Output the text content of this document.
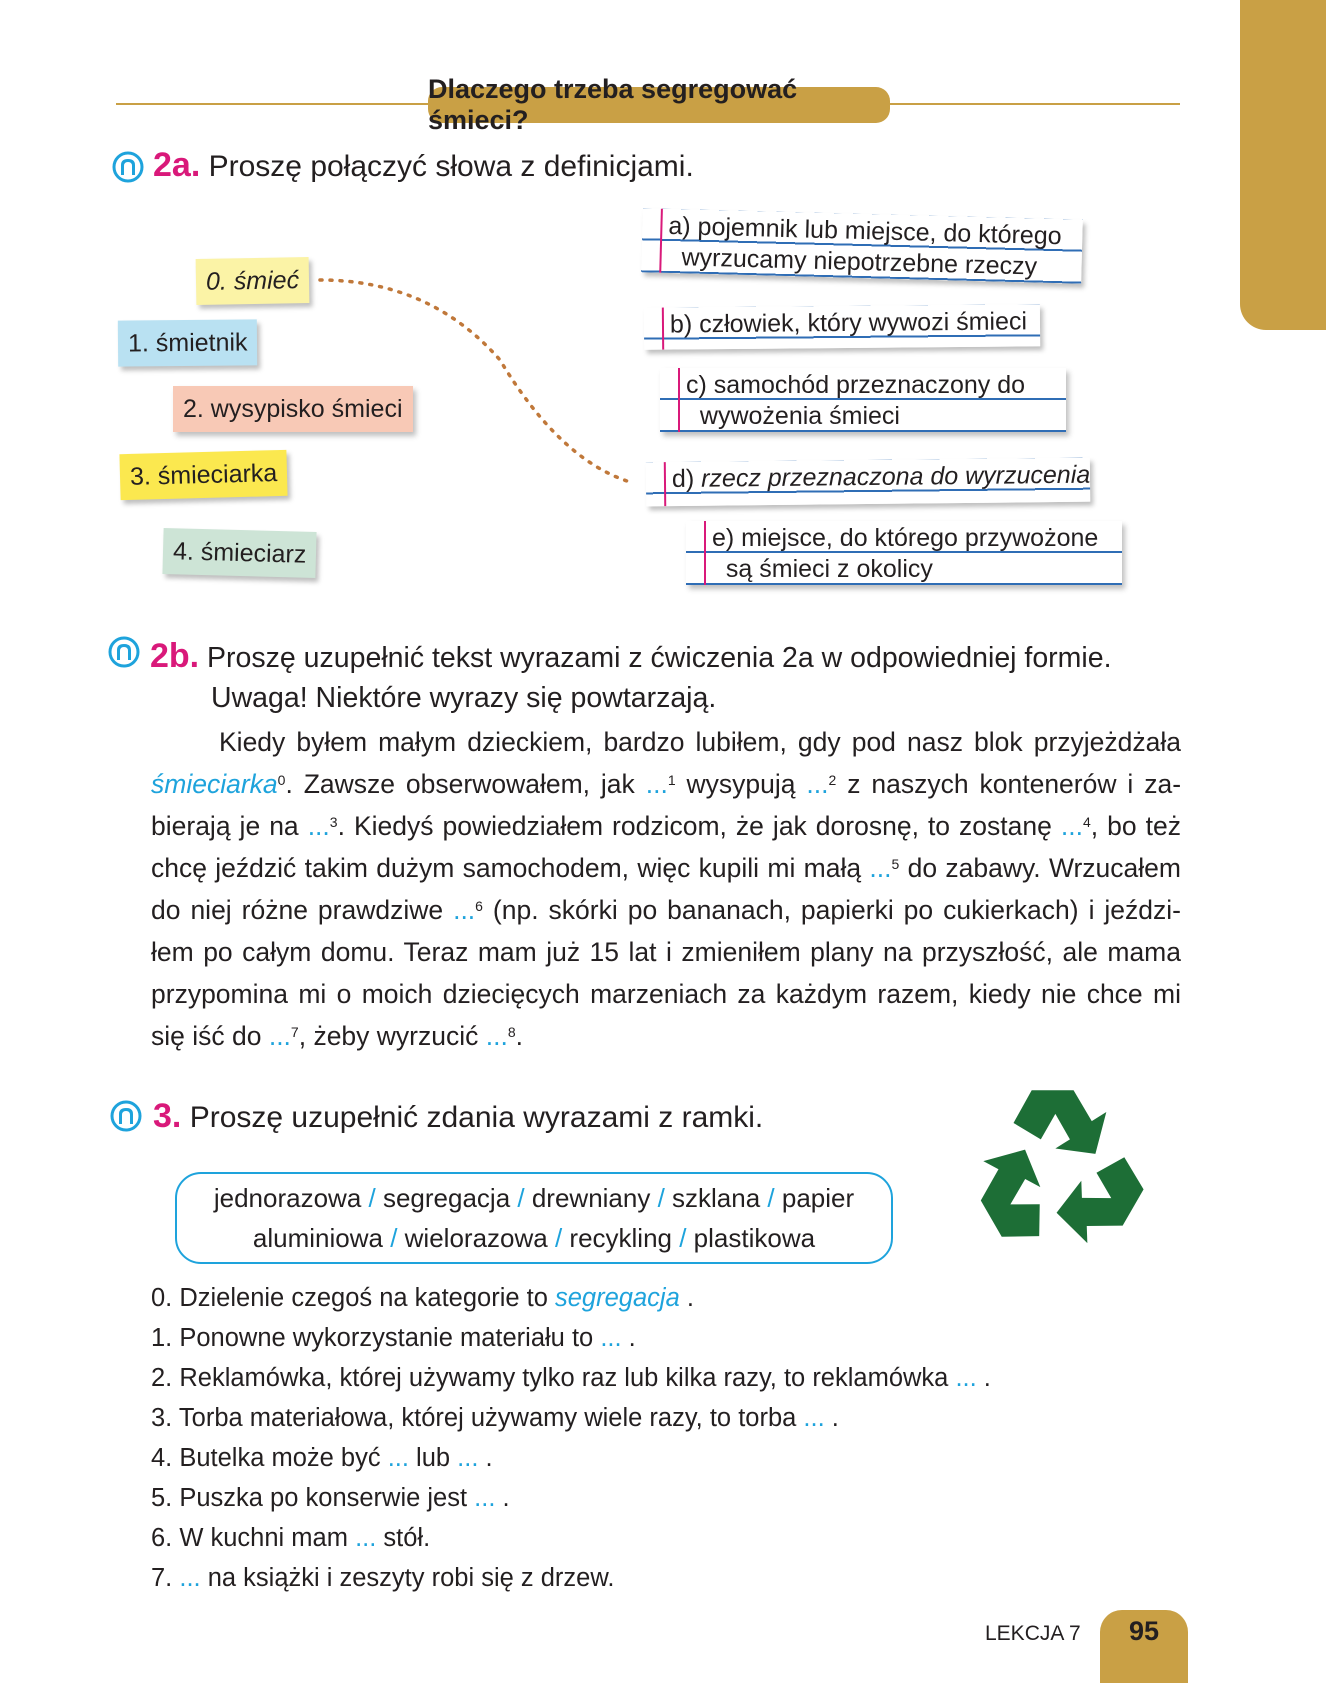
Dlaczego trzeba segregować śmieci?
2a. Proszę połączyć słowa z definicjami.
0. śmieć
1. śmietnik
2. wysypisko śmieci
3. śmieciarka
4. śmieciarz
a) pojemnik lub miejsce, do którego
wyrzucamy niepotrzebne rzeczy
b) człowiek, który wywozi śmieci
c) samochód przeznaczony do
wywożenia śmieci
d) rzecz przeznaczona do wyrzucenia
e) miejsce, do którego przywożone
są śmieci z okolicy
2b. Proszę uzupełnić tekst wyrazami z ćwiczenia 2a w odpowiedniej formie.
Uwaga! Niektóre wyrazy się powtarzają.
Kiedy byłem małym dzieckiem, bardzo lubiłem, gdy pod nasz blok przyjeżdżała
śmieciarka$^0$. Zawsze obserwowałem, jak ...$^1$ wysypują ...$^2$ z naszych kontenerów i za-
bierają je na ...$^3$. Kiedyś powiedziałem rodzicom, że jak dorosnę, to zostanę ...$^4$, bo też
chcę jeździć takim dużym samochodem, więc kupili mi małą ...$^5$ do zabawy. Wrzucałem
do niej różne prawdziwe ...$^6$ (np. skórki po bananach, papierki po cukierkach) i jeździ-
łem po całym domu. Teraz mam już 15 lat i zmieniłem plany na przyszłość, ale mama
przypomina mi o moich dziecięcych marzeniach za każdym razem, kiedy nie chce mi
się iść do ...$^7$, żeby wyrzucić ...$^8$.
3. Proszę uzupełnić zdania wyrazami z ramki.
jednorazowa / segregacja / drewniany / szklana / papier
aluminiowa / wielorazowa / recykling / plastikowa
0. Dzielenie czegoś na kategorie to segregacja .
1. Ponowne wykorzystanie materiału to ... .
2. Reklamówka, której używamy tylko raz lub kilka razy, to reklamówka ... .
3. Torba materiałowa, której używamy wiele razy, to torba ... .
4. Butelka może być ... lub ... .
5. Puszka po konserwie jest ... .
6. W kuchni mam ... stół.
7. ... na książki i zeszyty robi się z drzew.
LEKCJA 7	95
